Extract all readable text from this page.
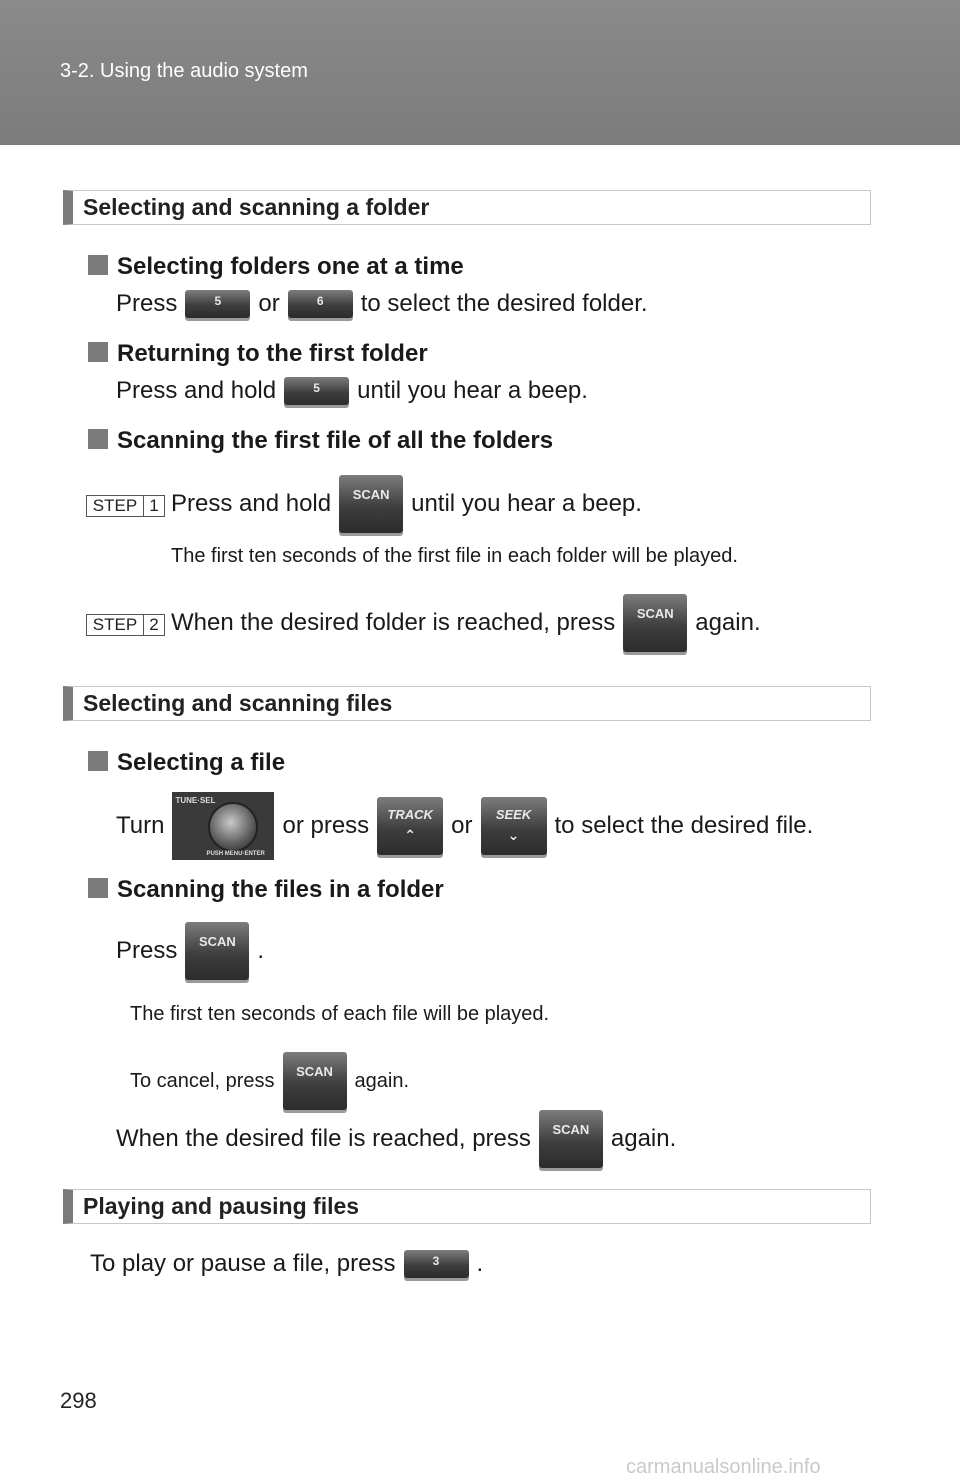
3-2. Using the audio system
Selecting and scanning a folder
Selecting folders one at a time
Press	5	or	6	to select the desired folder.
Returning to the first folder
Press and hold	5	until you hear a beep.
Scanning the first file of all the folders
STEP 1 Press and hold	SCAN until you hear a beep.
The first ten seconds of the first file in each folder will be played.
STEP 2 When the desired folder is reached, press	SCAN again.
Selecting and scanning files
Selecting a file
Turn
TUNE·SEL
PUSH MENU·ENTER
or press	TRACK
⌃	or	SEEK
⌄	to select the desired file.
Scanning the files in a folder
Press	SCAN .
The first ten seconds of each file will be played.
To cancel, press	SCAN	again.
When the desired file is reached, press	SCAN again.
Playing and pausing files
To play or pause a file, press	3	.
298
carmanualsonline.info
